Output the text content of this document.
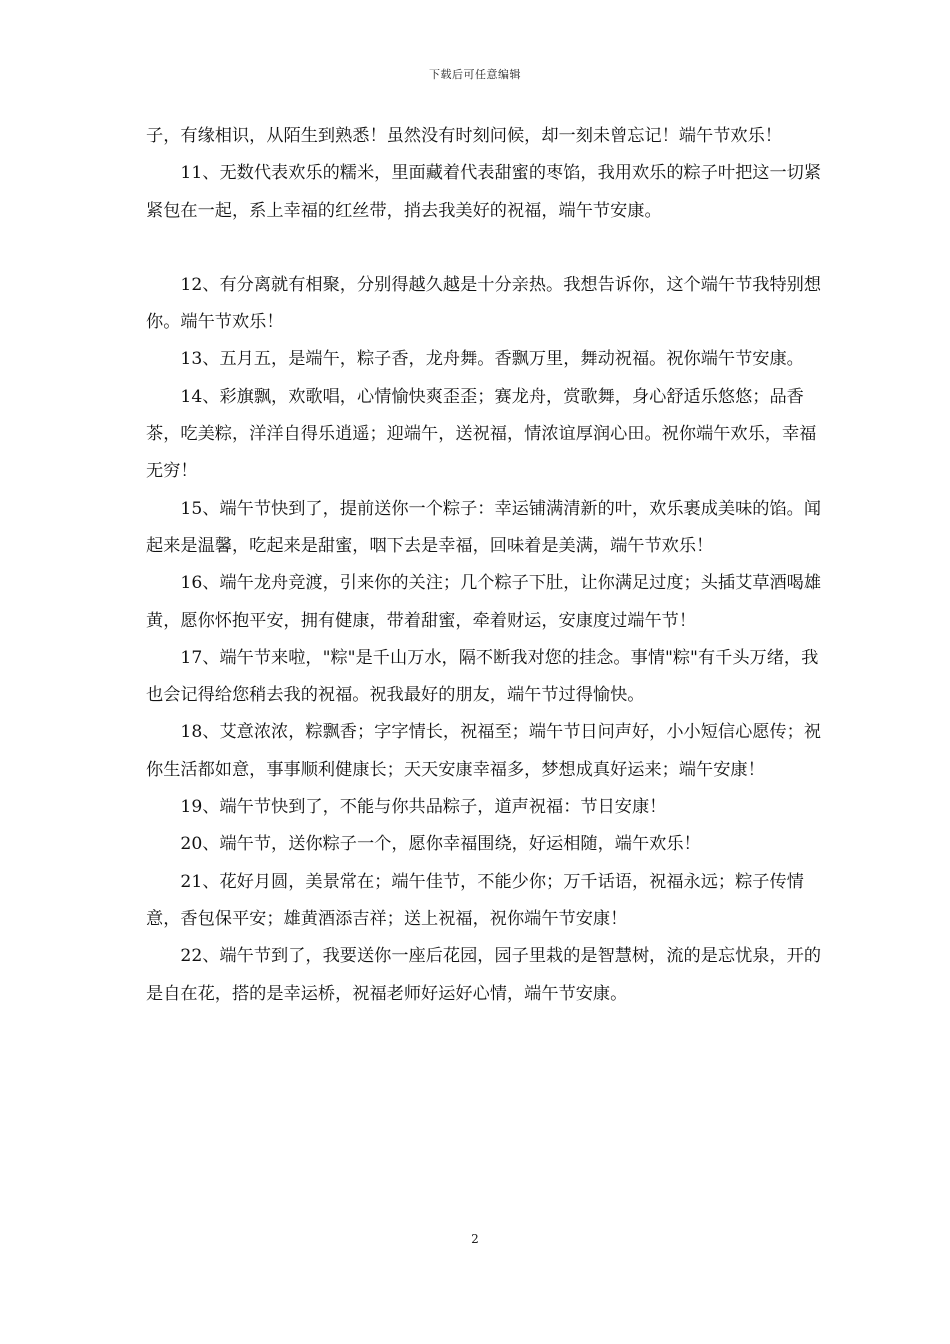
下载后可任意编辑

子，有缘相识，从陌生到熟悉！虽然没有时刻问候，却一刻未曾忘记！端午节欢乐！

11、无数代表欢乐的糯米，里面藏着代表甜蜜的枣馅，我用欢乐的粽子叶把这一切紧紧包在一起，系上幸福的红丝带，捎去我美好的祝福，端午节安康。

12、有分离就有相聚，分别得越久越是十分亲热。我想告诉你，这个端午节我特别想你。端午节欢乐！

13、五月五，是端午，粽子香，龙舟舞。香飘万里，舞动祝福。祝你端午节安康。

14、彩旗飘，欢歌唱，心情愉快爽歪歪；赛龙舟，赏歌舞，身心舒适乐悠悠；品香茶，吃美粽，洋洋自得乐逍遥；迎端午，送祝福，情浓谊厚润心田。祝你端午欢乐，幸福无穷！

15、端午节快到了，提前送你一个粽子：幸运铺满清新的叶，欢乐裹成美味的馅。闻起来是温馨，吃起来是甜蜜，咽下去是幸福，回味着是美满，端午节欢乐！

16、端午龙舟竞渡，引来你的关注；几个粽子下肚，让你满足过度；头插艾草酒喝雄黄，愿你怀抱平安，拥有健康，带着甜蜜，牵着财运，安康度过端午节！

17、端午节来啦，"粽"是千山万水，隔不断我对您的挂念。事情"粽"有千头万绪，我也会记得给您稍去我的祝福。祝我最好的朋友，端午节过得愉快。

18、艾意浓浓，粽飘香；字字情长，祝福至；端午节日问声好，小小短信心愿传；祝你生活都如意，事事顺利健康长；天天安康幸福多，梦想成真好运来；端午安康！

19、端午节快到了，不能与你共品粽子，道声祝福：节日安康！

20、端午节，送你粽子一个，愿你幸福围绕，好运相随，端午欢乐！

21、花好月圆，美景常在；端午佳节，不能少你；万千话语，祝福永远；粽子传情意，香包保平安；雄黄酒添吉祥；送上祝福，祝你端午节安康！

22、端午节到了，我要送你一座后花园，园子里栽的是智慧树，流的是忘忧泉，开的是自在花，搭的是幸运桥，祝福老师好运好心情，端午节安康。

2
